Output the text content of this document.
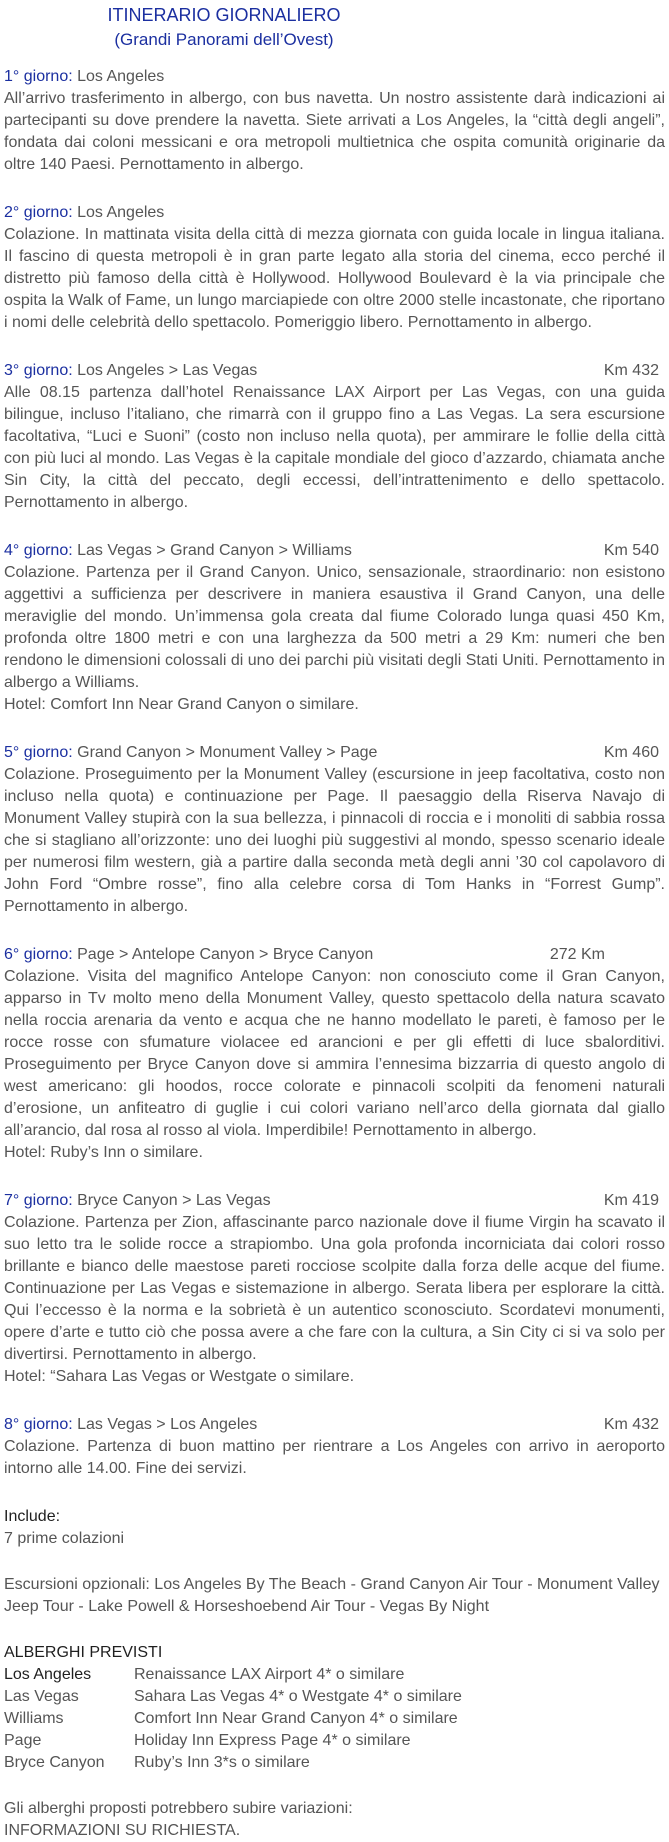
ITINERARIO GIORNALIERO

(Grandi Panorami dell’Ovest)

1° giorno: Los Angeles

All’arrivo trasferimento in albergo, con bus navetta. Un nostro assistente darà indicazioni ai partecipanti su dove prendere la navetta. Siete arrivati a Los Angeles, la “città degli angeli”, fondata dai coloni messicani e ora metropoli multietnica che ospita comunità originarie da oltre 140 Paesi. Pernottamento in albergo.

2° giorno: Los Angeles

Colazione. In mattinata visita della città di mezza giornata con guida locale in lingua italiana. Il fascino di questa metropoli è in gran parte legato alla storia del cinema, ecco perché il distretto più famoso della città è Hollywood. Hollywood Boulevard è la via principale che ospita la Walk of Fame, un lungo marciapiede con oltre 2000 stelle incastonate, che riportano i nomi delle celebrità dello spettacolo. Pomeriggio libero. Pernottamento in albergo.

3° giorno: Los Angeles > Las Vegas	Km 432

Alle 08.15 partenza dall’hotel Renaissance LAX Airport per Las Vegas, con una guida bilingue, incluso l’italiano, che rimarrà con il gruppo fino a Las Vegas. La sera escursione facoltativa, “Luci e Suoni” (costo non incluso nella quota), per ammirare le follie della città con più luci al mondo. Las Vegas è la capitale mondiale del gioco d’azzardo, chiamata anche Sin City, la città del peccato, degli eccessi, dell’intrattenimento e dello spettacolo. Pernottamento in albergo.

4° giorno: Las Vegas > Grand Canyon > Williams	Km 540

Colazione. Partenza per il Grand Canyon. Unico, sensazionale, straordinario: non esistono aggettivi a sufficienza per descrivere in maniera esaustiva il Grand Canyon, una delle meraviglie del mondo. Un’immensa gola creata dal fiume Colorado lunga quasi 450 Km, profonda oltre 1800 metri e con una larghezza da 500 metri a 29 Km: numeri che ben rendono le dimensioni colossali di uno dei parchi più visitati degli Stati Uniti. Pernottamento in albergo a Williams.

Hotel: Comfort Inn Near Grand Canyon o similare.
5° giorno: Grand Canyon > Monument Valley > Page	Km 460

Colazione. Proseguimento per la Monument Valley (escursione in jeep facoltativa, costo non incluso nella quota) e continuazione per Page. Il paesaggio della Riserva Navajo di Monument Valley stupirà con la sua bellezza, i pinnacoli di roccia e i monoliti di sabbia rossa che si stagliano all’orizzonte: uno dei luoghi più suggestivi al mondo, spesso scenario ideale per numerosi film western, già a partire dalla seconda metà degli anni ’30 col capolavoro di John Ford “Ombre rosse”, fino alla celebre corsa di Tom Hanks in “Forrest Gump”. Pernottamento in albergo.

6° giorno: Page > Antelope Canyon > Bryce Canyon	272 Km

Colazione. Visita del magnifico Antelope Canyon: non conosciuto come il Gran Canyon, apparso in Tv molto meno della Monument Valley, questo spettacolo della natura scavato nella roccia arenaria da vento e acqua che ne hanno modellato le pareti, è famoso per le rocce rosse con sfumature violacee ed arancioni e per gli effetti di luce sbalorditivi. Proseguimento per Bryce Canyon dove si ammira l’ennesima bizzarria di questo angolo di west americano: gli hoodos, rocce colorate e pinnacoli scolpiti da fenomeni naturali d’erosione, un anfiteatro di guglie i cui colori variano nell’arco della giornata dal giallo all’arancio, dal rosa al rosso al viola. Imperdibile! Pernottamento in albergo.

Hotel: Ruby’s Inn o similare.
7° giorno: Bryce Canyon > Las Vegas	Km 419

Colazione. Partenza per Zion, affascinante parco nazionale dove il fiume Virgin ha scavato il suo letto tra le solide rocce a strapiombo. Una gola profonda incorniciata dai colori rosso brillante e bianco delle maestose pareti rocciose scolpite dalla forza delle acque del fiume. Continuazione per Las Vegas e sistemazione in albergo. Serata libera per esplorare la città. Qui l’eccesso è la norma e la sobrietà è un autentico sconosciuto. Scordatevi monumenti, opere d’arte e tutto ciò che possa avere a che fare con la cultura, a Sin City ci si va solo per divertirsi. Pernottamento in albergo.

Hotel: “Sahara Las Vegas or Westgate o similare.
8° giorno: Las Vegas > Los Angeles	Km 432

Colazione. Partenza di buon mattino per rientrare a Los Angeles con arrivo in aeroporto intorno alle 14.00. Fine dei servizi.

Include:
7 prime colazioni
Escursioni opzionali: Los Angeles By The Beach - Grand Canyon Air Tour - Monument Valley Jeep Tour - Lake Powell & Horseshoebend Air Tour - Vegas By Night
ALBERGHI PREVISTI
Los Angeles	Renaissance LAX Airport 4* o similare
Las Vegas	Sahara Las Vegas 4* o Westgate 4* o similare
Williams	Comfort Inn Near Grand Canyon 4* o similare
Page	Holiday Inn Express Page 4* o similare
Bryce Canyon	Ruby’s Inn 3*s o similare
Gli alberghi proposti potrebbero subire variazioni:
INFORMAZIONI SU RICHIESTA.
